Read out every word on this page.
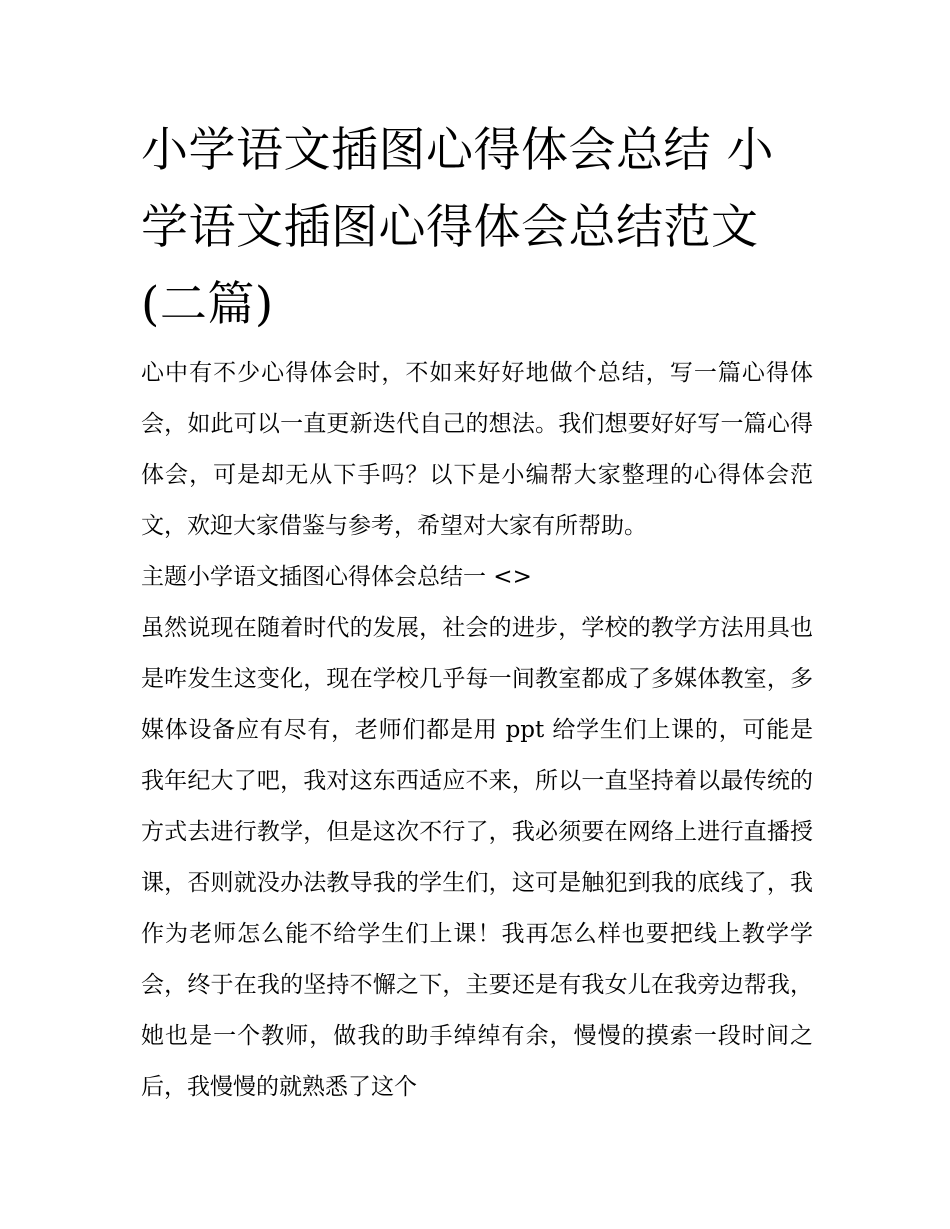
小学语文插图心得体会总结 小学语文插图心得体会总结范文(二篇)

心中有不少心得体会时，不如来好好地做个总结，写一篇心得体会，如此可以一直更新迭代自己的想法。我们想要好好写一篇心得体会，可是却无从下手吗？以下是小编帮大家整理的心得体会范文，欢迎大家借鉴与参考，希望对大家有所帮助。

主题小学语文插图心得体会总结一 <>

虽然说现在随着时代的发展，社会的进步，学校的教学方法用具也是咋发生这变化，现在学校几乎每一间教室都成了多媒体教室，多媒体设备应有尽有，老师们都是用 ppt 给学生们上课的，可能是我年纪大了吧，我对这东西适应不来，所以一直坚持着以最传统的方式去进行教学，但是这次不行了，我必须要在网络上进行直播授课，否则就没办法教导我的学生们，这可是触犯到我的底线了，我作为老师怎么能不给学生们上课！我再怎么样也要把线上教学学会，终于在我的坚持不懈之下，主要还是有我女儿在我旁边帮我，她也是一个教师，做我的助手绰绰有余，慢慢的摸索一段时间之后，我慢慢的就熟悉了这个
